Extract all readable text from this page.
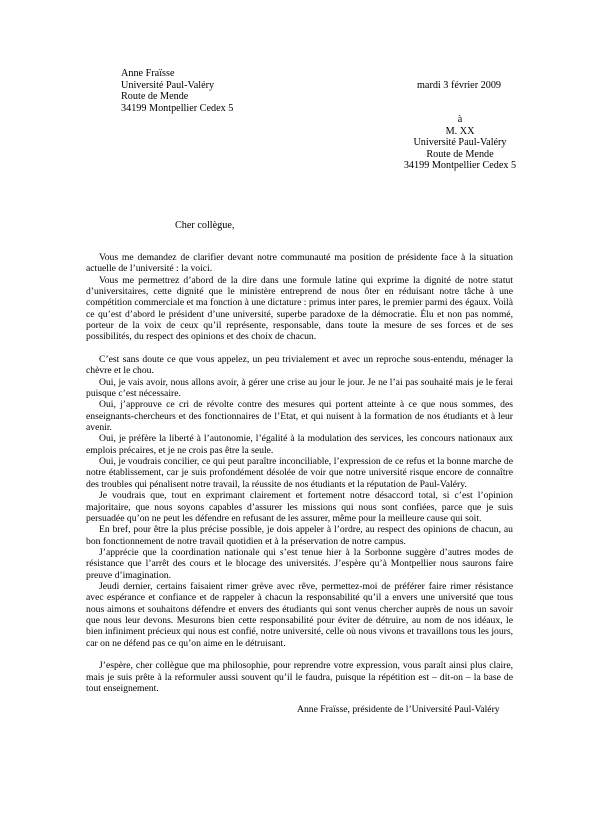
Anne Fraïsse
Université Paul-Valéry
Route de Mende
34199 Montpellier Cedex 5
mardi 3 février 2009
à
M. XX
Université Paul-Valéry
Route de Mende
34199 Montpellier Cedex 5
Cher collègue,

Vous me demandez de clarifier devant notre communauté ma position de présidente face à la situation actuelle de l’université : la voici.

Vous me permettrez d’abord de la dire dans une formule latine qui exprime la dignité de notre statut d’universitaires, cette dignité que le ministère entreprend de nous ôter en réduisant notre tâche à une compétition commerciale et ma fonction à une dictature : primus inter pares, le premier parmi des égaux. Voilà ce qu’est d’abord le président d’une université, superbe paradoxe de la démocratie. Élu et non pas nommé, porteur de la voix de ceux qu’il représente, responsable, dans toute la mesure de ses forces et de ses possibilités, du respect des opinions et des choix de chacun.

C’est sans doute ce que vous appelez, un peu trivialement et avec un reproche sous-entendu, ménager la chèvre et le chou.

Oui, je vais avoir, nous allons avoir, à gérer une crise au jour le jour. Je ne l’ai pas souhaité mais je le ferai puisque c’est nécessaire.

Oui, j’approuve ce cri de révolte contre des mesures qui portent atteinte à ce que nous sommes, des enseignants-chercheurs et des fonctionnaires de l’Etat, et qui nuisent à la formation de nos étudiants et à leur avenir.

Oui, je préfère la liberté à l’autonomie, l’égalité à la modulation des services, les concours nationaux aux emplois précaires, et je ne crois pas être la seule.

Oui, je voudrais concilier, ce qui peut paraître inconciliable, l’expression de ce refus et la bonne marche de notre établissement, car je suis profondément désolée de voir que notre université risque encore de connaître des troubles qui pénalisent notre travail, la réussite de nos étudiants et la réputation de Paul-Valéry.

Je voudrais que, tout en exprimant clairement et fortement notre désaccord total, si c’est l’opinion majoritaire, que nous soyons capables d’assurer les missions qui nous sont confiées, parce que je suis persuadée qu’on ne peut les défendre en refusant de les assurer, même pour la meilleure cause qui soit.

En bref, pour être la plus précise possible, je dois appeler à l’ordre, au respect des opinions de chacun, au bon fonctionnement de notre travail quotidien et à la préservation de notre campus.

J’apprécie que la coordination nationale qui s’est tenue hier à la Sorbonne suggère d’autres modes de résistance que l’arrêt des cours et le blocage des universités. J’espère qu’à Montpellier nous saurons faire preuve d’imagination.

Jeudi dernier, certains faisaient rimer grève avec rêve, permettez-moi de préférer faire rimer résistance avec espérance et confiance et de rappeler à chacun la responsabilité qu’il a envers une université que tous nous aimons et souhaitons défendre et envers des étudiants qui sont venus chercher auprès de nous un savoir que nous leur devons. Mesurons bien cette responsabilité pour éviter de détruire, au nom de nos idéaux, le bien infiniment précieux qui nous est confié, notre université, celle où nous vivons et travaillons tous les jours, car on ne défend pas ce qu’on aime en le détruisant.

J’espère, cher collègue que ma philosophie, pour reprendre votre expression, vous paraît ainsi plus claire, mais je suis prête à la reformuler aussi souvent qu’il le faudra, puisque la répétition est – dit-on – la base de tout enseignement.

Anne Fraïsse, présidente de l’Université Paul-Valéry
